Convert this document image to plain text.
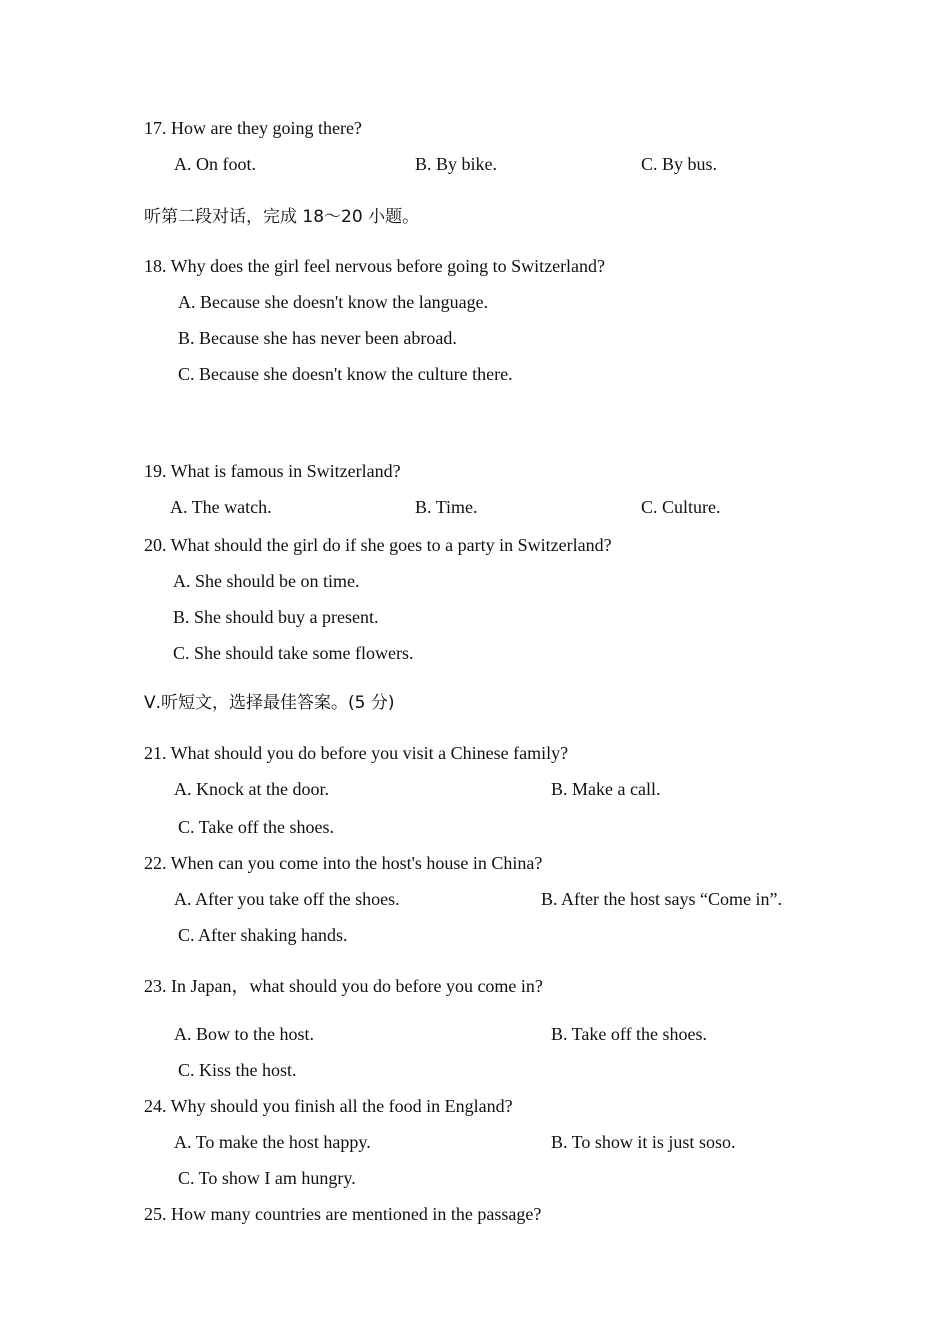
17. How are they going there?
A. On foot.	B. By bike.	C. By bus.
听第二段对话，完成 18～20 小题。
18. Why does the girl feel nervous before going to Switzerland?
A. Because she doesn't know the language.
B. Because she has never been abroad.
C. Because she doesn't know the culture there.
19. What is famous in Switzerland?
A. The watch.	B. Time.	C. Culture.
20. What should the girl do if she goes to a party in Switzerland?
A. She should be on time.
B. She should buy a present.
C. She should take some flowers.
Ⅴ.听短文，选择最佳答案。(5 分)
21. What should you do before you visit a Chinese family?
A. Knock at the door.	B. Make a call.
C. Take off the shoes.
22. When can you come into the host's house in China?
A. After you take off the shoes.	B. After the host says “Come in”.
C. After shaking hands.
23. In Japan，what should you do before you come in?
A. Bow to the host.	B. Take off the shoes.
C. Kiss the host.
24. Why should you finish all the food in England?
A. To make the host happy.	B. To show it is just soso.
C. To show I am hungry.
25. How many countries are mentioned in the passage?
